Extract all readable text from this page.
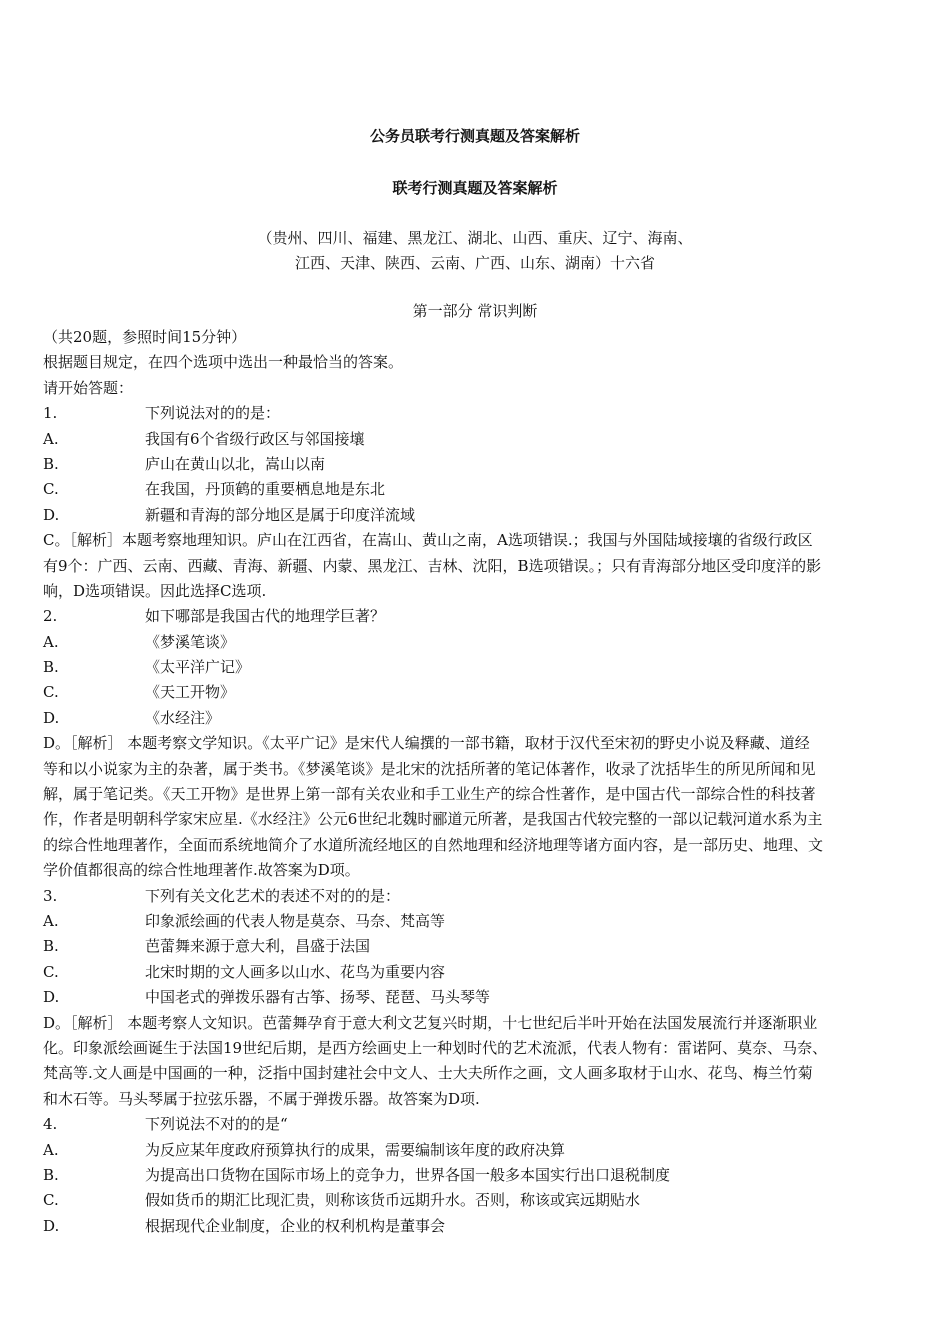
公务员联考行测真题及答案解析
联考行测真题及答案解析
（贵州、四川、福建、黑龙江、湖北、山西、重庆、辽宁、海南、
江西、天津、陕西、云南、广西、山东、湖南）十六省
第一部分 常识判断
（共20题，参照时间15分钟）
根据题目规定，在四个选项中选出一种最恰当的答案。
请开始答题：
1.	下列说法对的的是：
A.	我国有6个省级行政区与邻国接壤
B.	庐山在黄山以北，嵩山以南
C.	在我国，丹顶鹤的重要栖息地是东北
D.	新疆和青海的部分地区是属于印度洋流域
C。［解析］本题考察地理知识。庐山在江西省，在嵩山、黄山之南，A选项错误.；我国与外国陆域接壤的省级行政区
有9个：广西、云南、西藏、青海、新疆、内蒙、黑龙江、吉林、沈阳，B选项错误。；只有青海部分地区受印度洋的影
响，D选项错误。因此选择C选项.
2.	如下哪部是我国古代的地理学巨著？
A.	《梦溪笔谈》
B.	《太平洋广记》
C.	《天工开物》
D.	《水经注》
D。［解析］ 本题考察文学知识。《太平广记》是宋代人编撰的一部书籍，取材于汉代至宋初的野史小说及释藏、道经
等和以小说家为主的杂著，属于类书。《梦溪笔谈》是北宋的沈括所著的笔记体著作，收录了沈括毕生的所见所闻和见
解，属于笔记类。《天工开物》是世界上第一部有关农业和手工业生产的综合性著作，是中国古代一部综合性的科技著
作，作者是明朝科学家宋应星.《水经注》公元6世纪北魏时郦道元所著，是我国古代较完整的一部以记载河道水系为主
的综合性地理著作，全面而系统地简介了水道所流经地区的自然地理和经济地理等诸方面内容，是一部历史、地理、文
学价值都很高的综合性地理著作.故答案为D项。
3.	下列有关文化艺术的表述不对的的是：
A.	印象派绘画的代表人物是莫奈、马奈、梵高等
B.	芭蕾舞来源于意大利，昌盛于法国
C.	北宋时期的文人画多以山水、花鸟为重要内容
D.	中国老式的弹拨乐器有古筝、扬琴、琵琶、马头琴等
D。［解析］ 本题考察人文知识。芭蕾舞孕育于意大利文艺复兴时期，十七世纪后半叶开始在法国发展流行并逐渐职业
化。印象派绘画诞生于法国19世纪后期，是西方绘画史上一种划时代的艺术流派，代表人物有：雷诺阿、莫奈、马奈、
梵高等.文人画是中国画的一种，泛指中国封建社会中文人、士大夫所作之画，文人画多取材于山水、花鸟、梅兰竹菊
和木石等。马头琴属于拉弦乐器，不属于弹拨乐器。故答案为D项.
4.	下列说法不对的的是“
A.	为反应某年度政府预算执行的成果，需要编制该年度的政府决算
B.	为提高出口货物在国际市场上的竞争力，世界各国一般多本国实行出口退税制度
C.	假如货币的期汇比现汇贵，则称该货币远期升水。否则，称该或宾远期贴水
D.	根据现代企业制度，企业的权利机构是董事会
